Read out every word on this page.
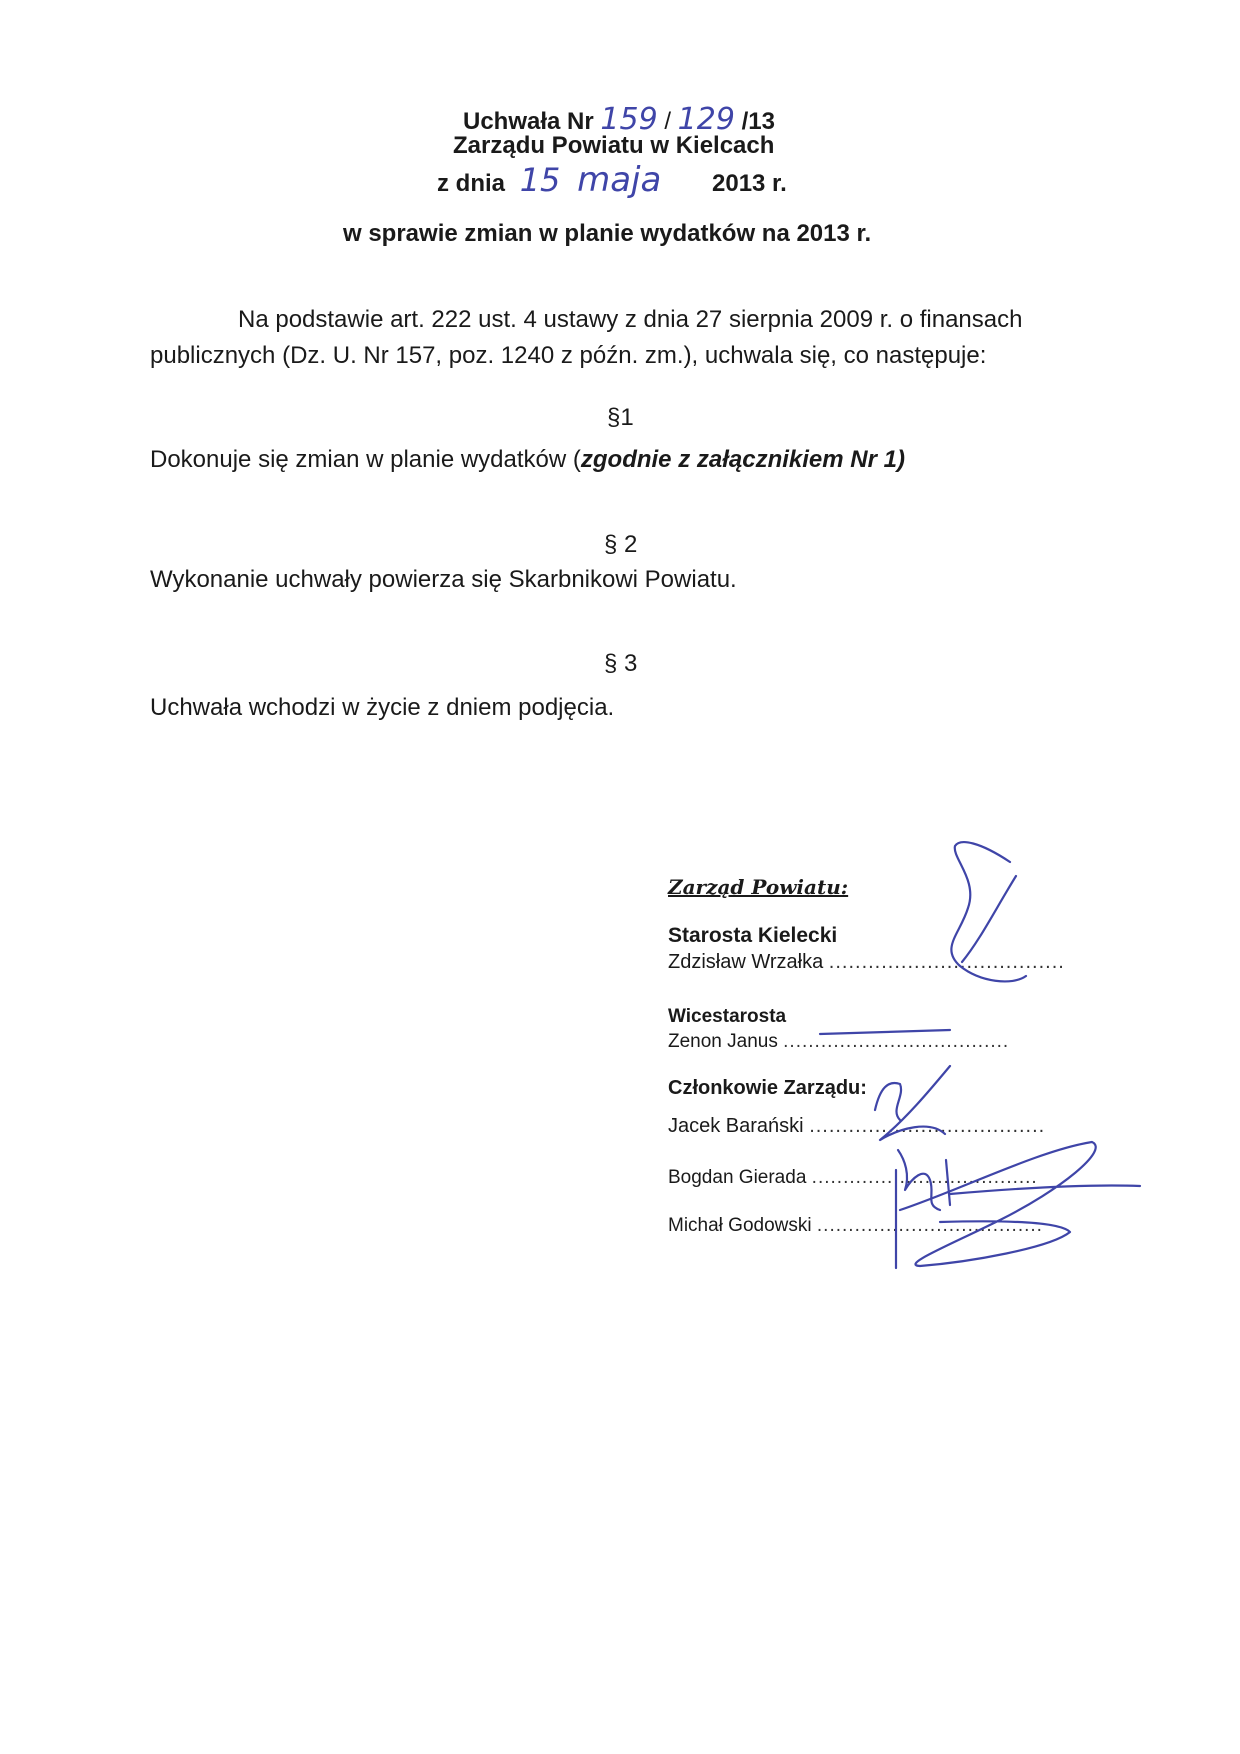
Uchwała Nr 159 / 129 /13
Zarządu Powiatu w Kielcach
z dnia 15 maja 2013 r.
w sprawie zmian w planie wydatków na 2013 r.
Na podstawie art. 222 ust. 4 ustawy z dnia 27 sierpnia 2009 r. o finansach
publicznych (Dz. U. Nr 157, poz. 1240 z późn. zm.), uchwala się, co następuje:
§1
Dokonuje się zmian w planie wydatków (zgodnie z załącznikiem Nr 1)
§ 2
Wykonanie uchwały powierza się Skarbnikowi Powiatu.
§ 3
Uchwała wchodzi w życie z dniem podjęcia.
Zarząd Powiatu:
Starosta Kielecki
Zdzisław Wrzałka ....................................
Wicestarosta
Zenon Janus ....................................
Członkowie Zarządu:
Jacek Barański ....................................
Bogdan Gierada ....................................
Michał Godowski ....................................
